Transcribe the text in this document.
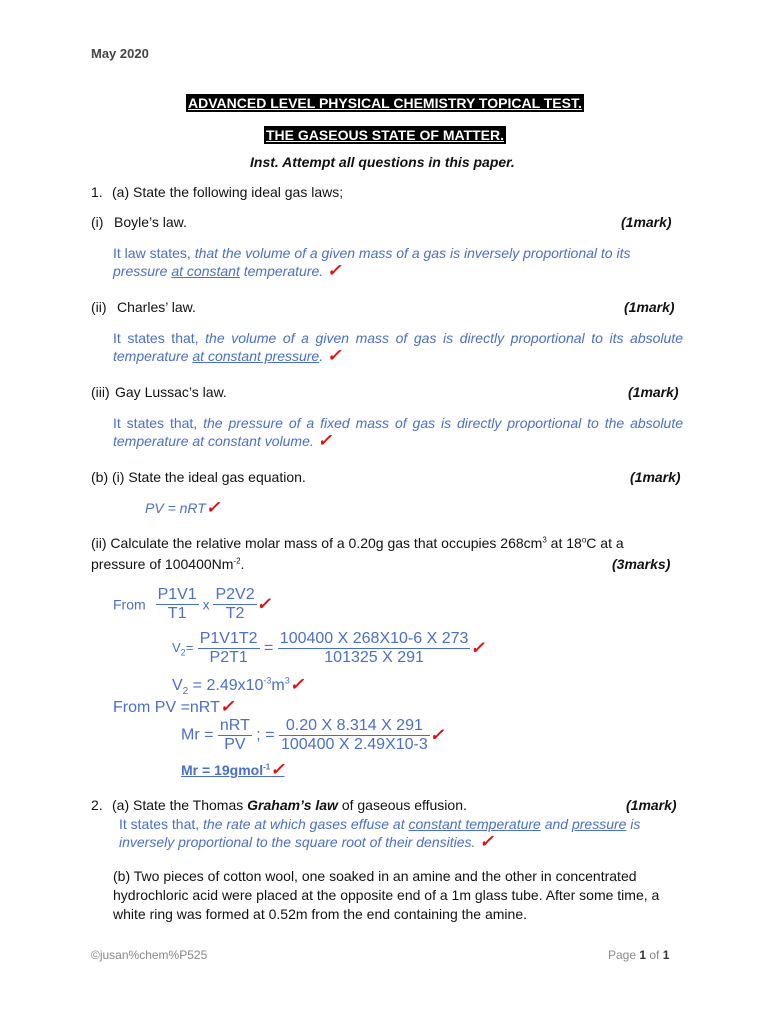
May 2020
ADVANCED LEVEL PHYSICAL CHEMISTRY TOPICAL TEST.
THE GASEOUS STATE OF MATTER.
Inst. Attempt all questions in this paper.
1. (a) State the following ideal gas laws;
(i) Boyle’s law.	(1mark)
It law states, that the volume of a given mass of a gas is inversely proportional to its pressure at constant temperature. ✓
(ii) Charles’ law.	(1mark)
It states that, the volume of a given mass of gas is directly proportional to its absolute temperature at constant pressure. ✓
(iii) Gay Lussac’s law.	(1mark)
It states that, the pressure of a fixed mass of gas is directly proportional to the absolute temperature at constant volume. ✓
(b) (i) State the ideal gas equation.	(1mark)
PV = nRT✓
(ii) Calculate the relative molar mass of a 0.20g gas that occupies $268cm^3$ at 18$^o$C at a
pressure of $100400Nm^{-2}$.	(3marks)
From $\frac{P1V1}{T1}$ x $\frac{P2V2}{T2}$ ✓
$V_2= \frac{P1V1T2}{P2T1} = \frac{100400 X 268X10-6 X 273}{101325 X 291}$ ✓
$V_2$ = $2.49x10^{-3}m^3✓$
From PV =nRT✓
Mr =
nRT
PV
; = $\frac{0.20 X 8.314 X 291}{100400 X 2.49X10-3}$ ✓
Mr = 19gmol$^{-1}$✓
2. (a) State the Thomas Graham’s law of gaseous effusion.	(1mark)
It states that, the rate at which gases effuse at constant temperature and pressure is inversely proportional to the square root of their densities. ✓
(b) Two pieces of cotton wool, one soaked in an amine and the other in concentrated hydrochloric acid were placed at the opposite end of a 1m glass tube. After some time, a white ring was formed at 0.52m from the end containing the amine.
©jusan%chem%P525	Page 1 of 1
